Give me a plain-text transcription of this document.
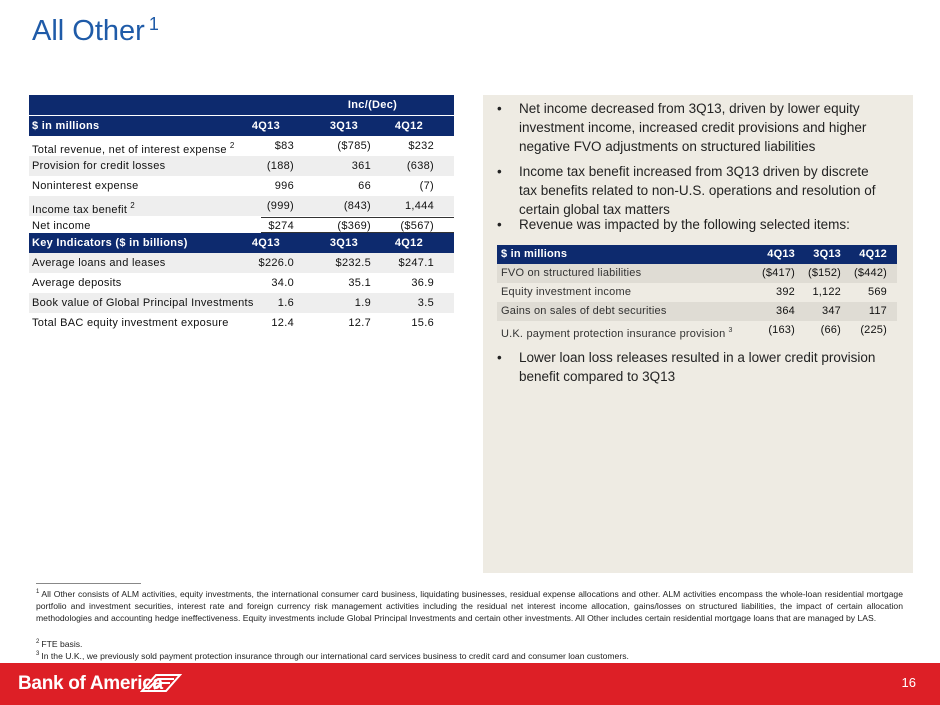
All Other $^1$
Inc/(Dec)
$ in millions	4Q13	3Q13	4Q12
Total revenue, net of interest expense $^2$	$83	($785)	$232
Provision for credit losses	(188)	361	(638)
Noninterest expense	996	66	(7)
Income tax benefit $^2$	(999)	(843)	1,444
Net income	$274	($369)	($567)
Key Indicators ($ in billions)	4Q13	3Q13	4Q12
Average loans and leases	$226.0	$232.5	$247.1
Average deposits	34.0	35.1	36.9
Book value of Global Principal Investments 1.6	1.9	3.5
Total BAC equity investment exposure	12.4	12.7	15.6
• Net income decreased from 3Q13, driven by lower equity investment income, increased credit provisions and higher negative FVO adjustments on structured liabilities
• Income tax benefit increased from 3Q13 driven by discrete tax benefits related to non-U.S. operations and resolution of certain global tax matters
• Revenue was impacted by the following selected items:
$ in millions	4Q13 3Q13 4Q12
FVO on structured liabilities	($417) ($152) ($442)
Equity investment income	392 1,122 569
Gains on sales of debt securities	364 347	117
U.K. payment protection insurance provision $^3$	(163) (66) (225)
• Lower loan loss releases resulted in a lower credit provision benefit compared to 3Q13
$^1$ All Other consists of ALM activities, equity investments, the international consumer card business, liquidating businesses, residual expense allocations and other. ALM activities encompass the whole-loan residential mortgage portfolio and investment securities, interest rate and foreign currency risk management activities including the residual net interest income allocation, gains/losses on structured liabilities, the impact of certain allocation methodologies and accounting hedge ineffectiveness. Equity investments include Global Principal Investments and certain other investments. All Other includes certain residential mortgage loans that are managed by LAS.
$^2$ FTE basis.
$^3$ In the U.K., we previously sold payment protection insurance through our international card services business to credit card and consumer loan customers.
Bank of America	16
